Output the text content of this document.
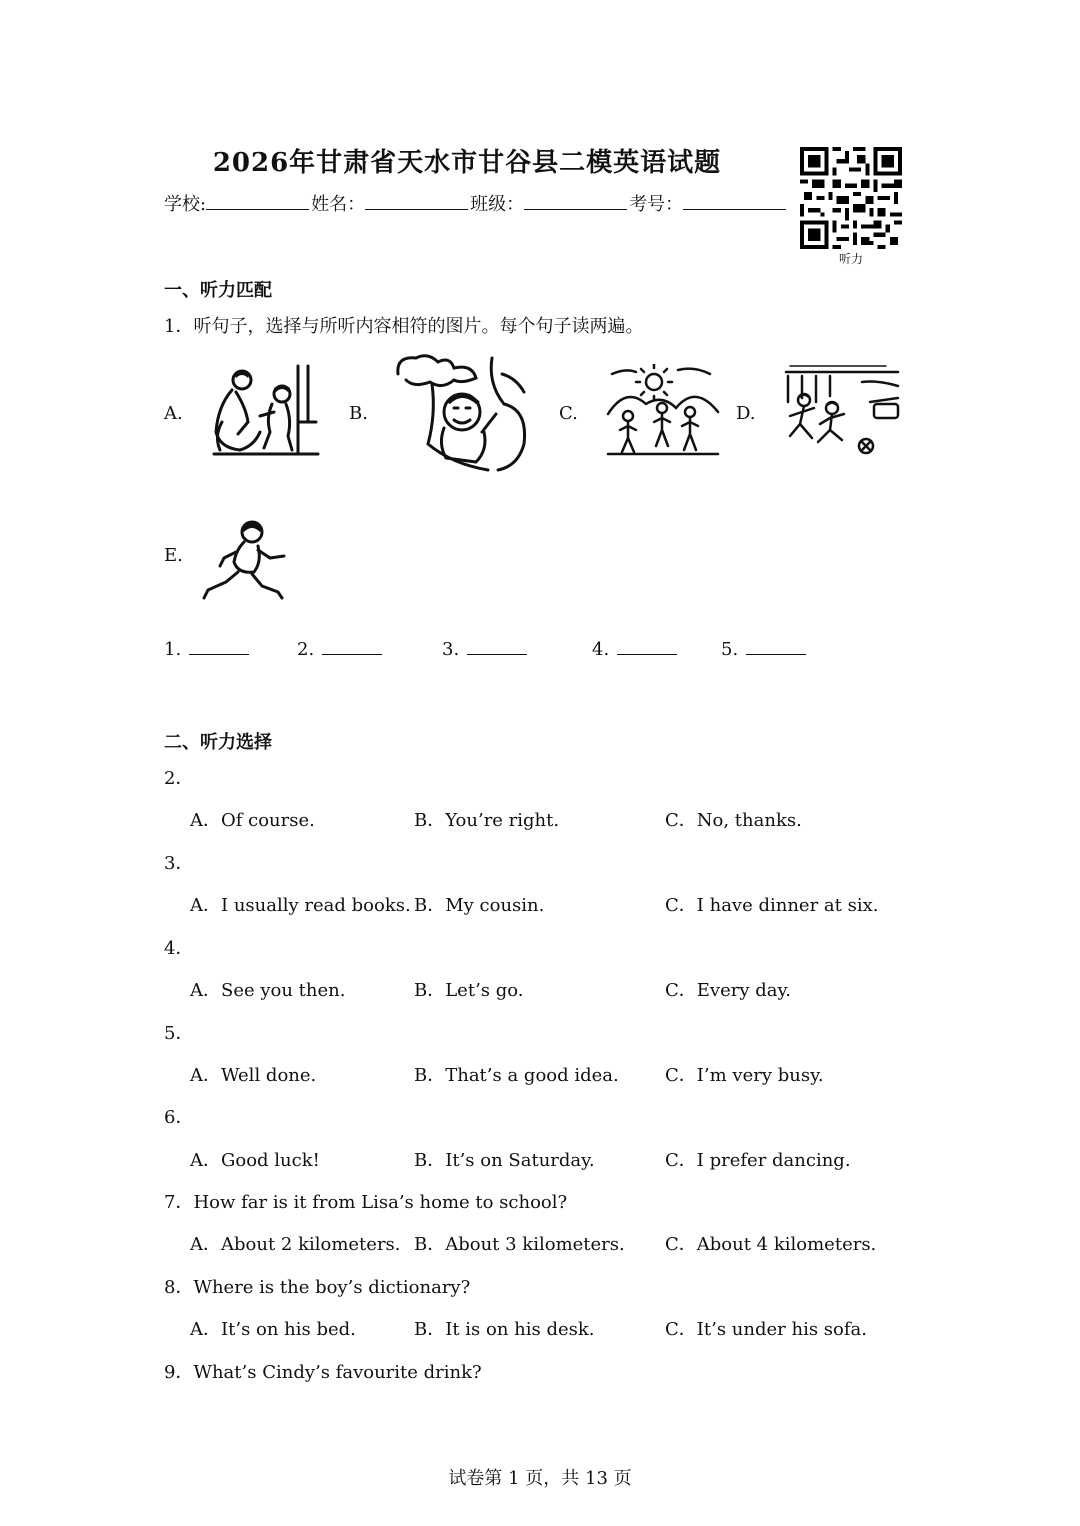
2026年甘肃省天水市甘谷县二模英语试题
学校:	姓名：	班级：	考号：
听力
一、听力匹配
1．听句子，选择与所听内容相符的图片。每个句子读两遍。
A.	B.	C.	D.
E.
1.	2.	3.	4.	5.
二、听力选择
2．
A．Of course.	B．You’re right.	C．No, thanks.
3．
A．I usually read books. B．My cousin.	C．I have dinner at six.
4．
A．See you then.	B．Let’s go.	C．Every day.
5．
A．Well done.	B．That’s a good idea.	C．I’m very busy.
6．
A．Good luck!	B．It’s on Saturday.	C．I prefer dancing.
7．How far is it from Lisa’s home to school?
A．About 2 kilometers. B．About 3 kilometers. C．About 4 kilometers.
8．Where is the boy’s dictionary?
A．It’s on his bed.	B．It is on his desk.	C．It’s under his sofa.
9．What’s Cindy’s favourite drink?
试卷第 1 页，共 13 页
